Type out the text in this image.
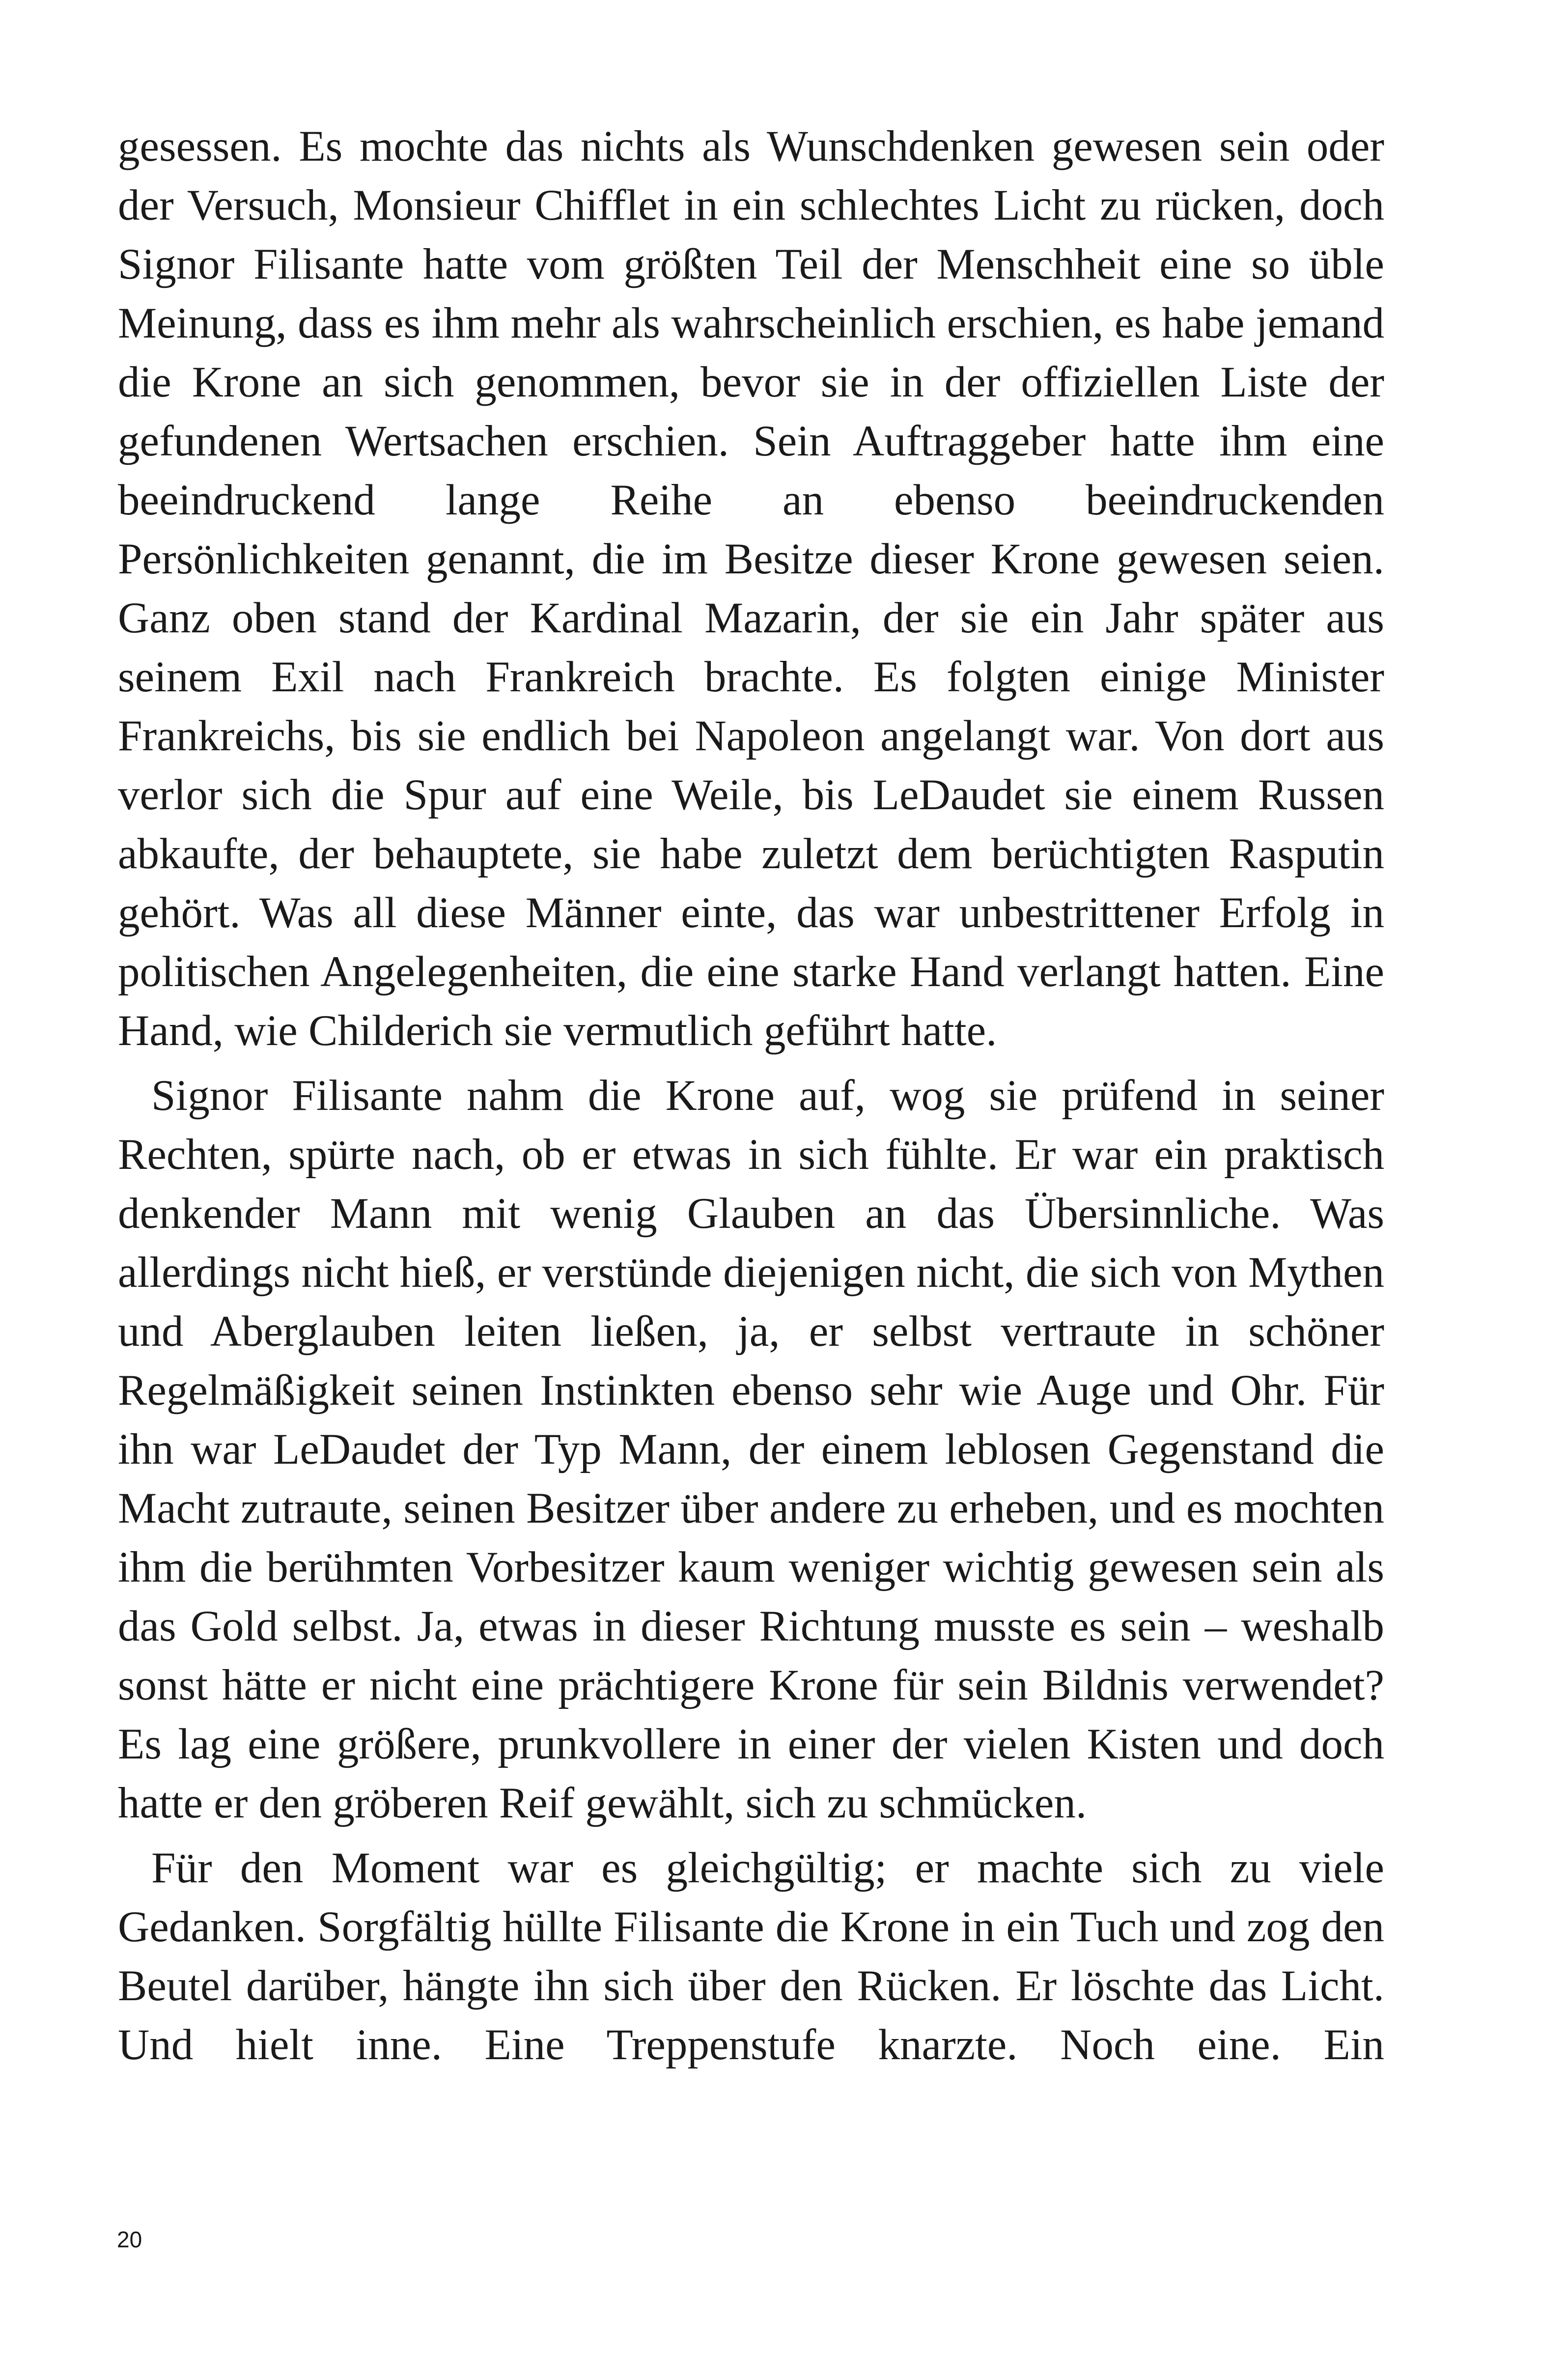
gesessen. Es mochte das nichts als Wunschdenken gewesen sein oder der Versuch, Monsieur Chifflet in ein schlechtes Licht zu rücken, doch Signor Filisante hatte vom größten Teil der Menschheit eine so üble Meinung, dass es ihm mehr als wahrscheinlich erschien, es habe jemand die Krone an sich genommen, bevor sie in der offiziellen Liste der gefundenen Wertsachen erschien. Sein Auftraggeber hatte ihm eine beeindruckend lange Reihe an ebenso beeindruckenden Persönlichkeiten genannt, die im Besitze dieser Krone gewesen seien. Ganz oben stand der Kardinal Mazarin, der sie ein Jahr später aus seinem Exil nach Frankreich brachte. Es folgten einige Minister Frankreichs, bis sie endlich bei Napoleon angelangt war. Von dort aus verlor sich die Spur auf eine Weile, bis LeDaudet sie einem Russen abkaufte, der behauptete, sie habe zuletzt dem berüchtigten Rasputin gehört. Was all diese Männer einte, das war unbestrittener Erfolg in politischen Angelegenheiten, die eine starke Hand verlangt hatten. Eine Hand, wie Childerich sie vermutlich geführt hatte.

Signor Filisante nahm die Krone auf, wog sie prüfend in seiner Rechten, spürte nach, ob er etwas in sich fühlte. Er war ein praktisch denkender Mann mit wenig Glauben an das Übersinnliche. Was allerdings nicht hieß, er verstünde diejenigen nicht, die sich von Mythen und Aberglauben leiten ließen, ja, er selbst vertraute in schöner Regelmäßigkeit seinen Instinkten ebenso sehr wie Auge und Ohr. Für ihn war LeDaudet der Typ Mann, der einem leblosen Gegenstand die Macht zutraute, seinen Besitzer über andere zu erheben, und es mochten ihm die berühmten Vorbesitzer kaum weniger wichtig gewesen sein als das Gold selbst. Ja, etwas in dieser Richtung musste es sein – weshalb sonst hätte er nicht eine prächtigere Krone für sein Bildnis verwendet? Es lag eine größere, prunkvollere in einer der vielen Kisten und doch hatte er den gröberen Reif gewählt, sich zu schmücken.

Für den Moment war es gleichgültig; er machte sich zu viele Gedanken. Sorgfältig hüllte Filisante die Krone in ein Tuch und zog den Beutel darüber, hängte ihn sich über den Rücken. Er löschte das Licht. Und hielt inne. Eine Treppenstufe knarzte. Noch eine. Ein

20
